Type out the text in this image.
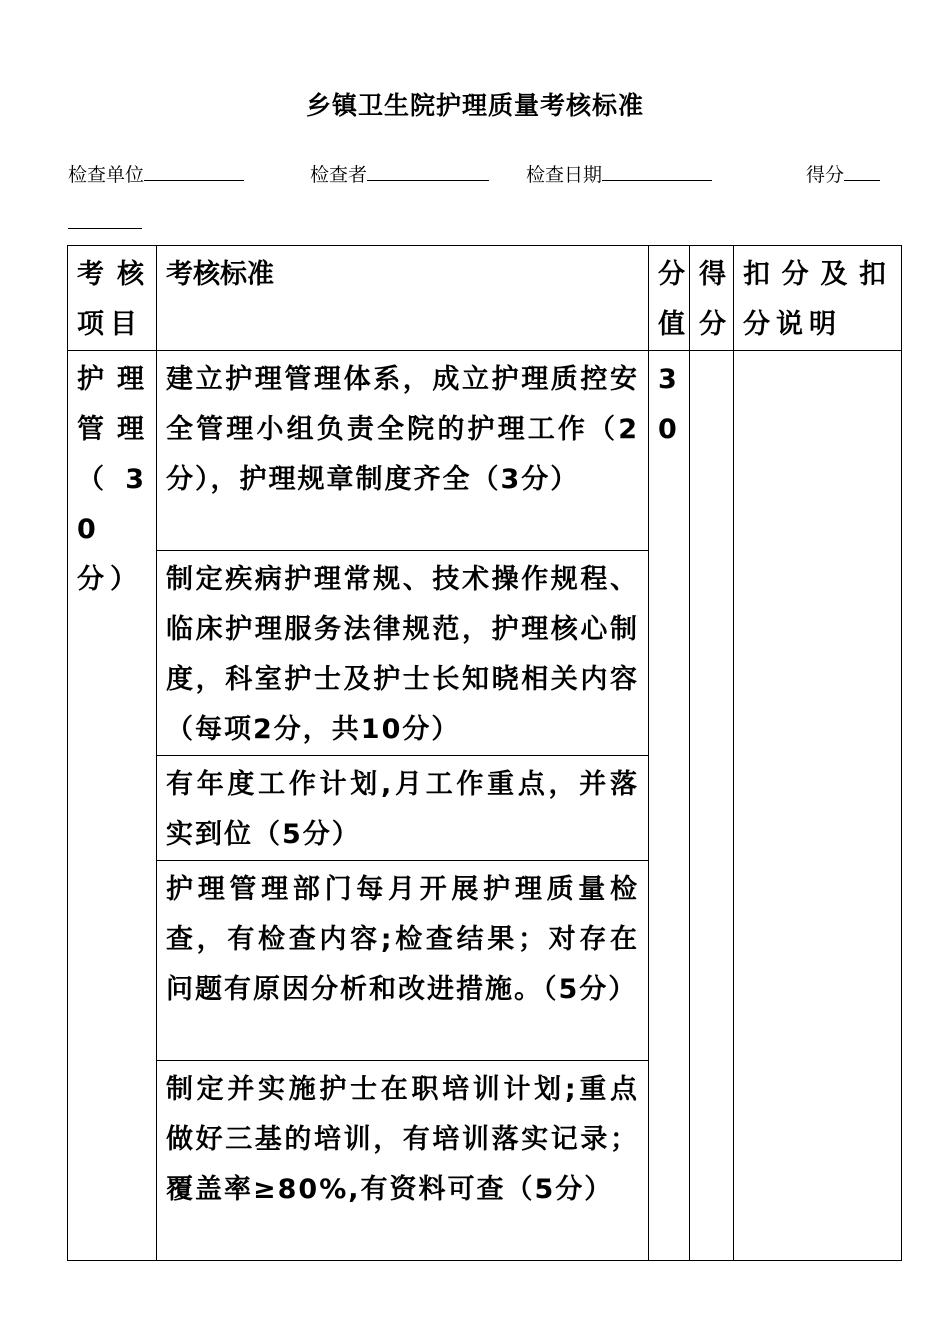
乡镇卫生院护理质量考核标准
检查单位	检查者	检查日期	得分
考核项目	考核标准	分值	得分	扣分及扣分说明
护理管理（30分）	建立护理管理体系，成立护理质控安全管理小组负责全院的护理工作（2分），护理规章制度齐全（3分）	30		
	制定疾病护理常规、技术操作规程、临床护理服务法律规范，护理核心制度，科室护士及护士长知晓相关内容（每项2分，共10分）			
	有年度工作计划,月工作重点，并落实到位（5分）			
	护理管理部门每月开展护理质量检查，有检查内容;检查结果；对存在问题有原因分析和改进措施。（5分）			
	制定并实施护士在职培训计划;重点做好三基的培训，有培训落实记录；覆盖率≥80%,有资料可查（5分）			
